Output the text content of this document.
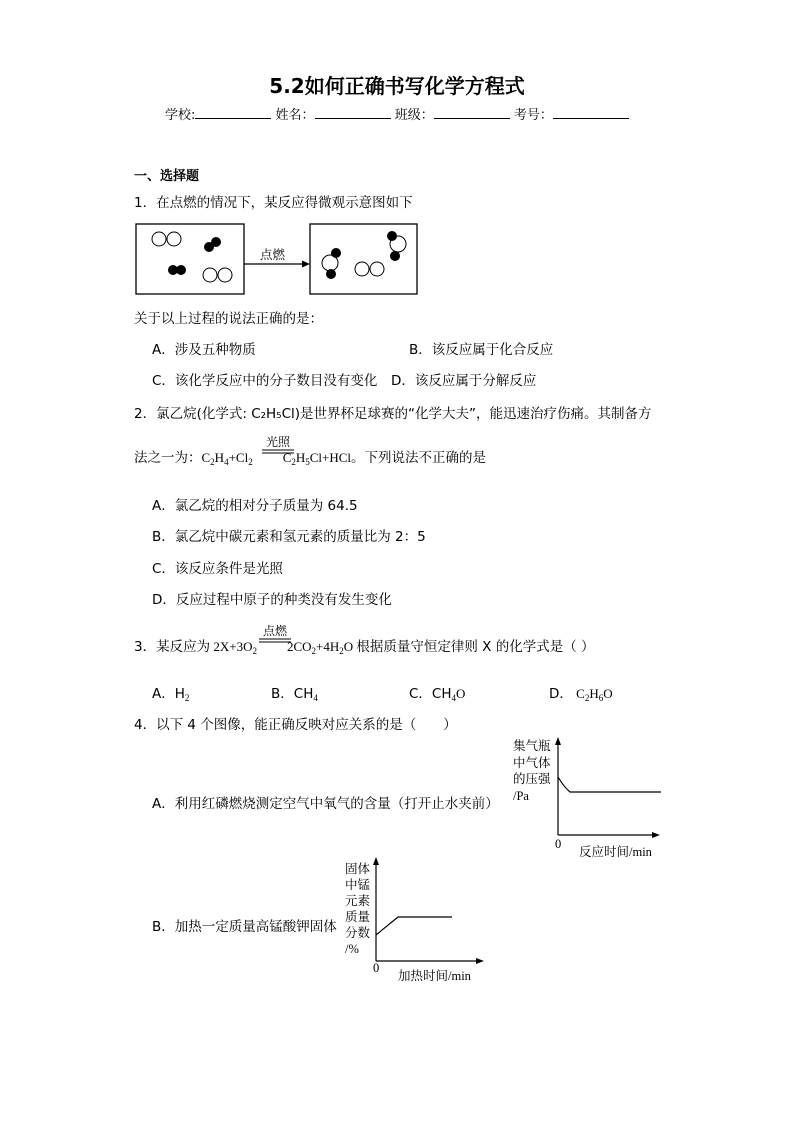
5.2如何正确书写化学方程式
学校:	姓名：	班级：	考号：
一、选择题
1．在点燃的情况下，某反应得微观示意图如下
点燃
关于以上过程的说法正确的是：
A．涉及五种物质	B．该反应属于化合反应
C．该化学反应中的分子数目没有变化 D．该反应属于分解反应
2．氯乙烷(化学式: C₂H₅Cl)是世界杯足球赛的“化学大夫”，能迅速治疗伤痛。其制备方
法之一为：$C_2H_4+Cl_2$ $C_2H_5Cl+HCl$。下列说法不正确的是
光照
A．氯乙烷的相对分子质量为 64.5
B．氯乙烷中碳元素和氢元素的质量比为 2：5
C．该反应条件是光照
D．反应过程中原子的种类没有发生变化
3．某反应为 $2X+3O_2$ $2CO_2+4H_2O$ 根据质量守恒定律则 X 的化学式是（ ）
点燃
A．$H_2$	B．$CH_4$	C．$CH_4O$	D． $C_2H_6O$
4．以下 4 个图像，能正确反映对应关系的是（　　）
A．利用红磷燃烧测定空气中氧气的含量（打开止水夹前）
集气瓶
中气体
的压强
/Pa
0
反应时间/min
B．加热一定质量高锰酸钾固体
固体
中锰
元素
质量
分数
/%
0
加热时间/min
